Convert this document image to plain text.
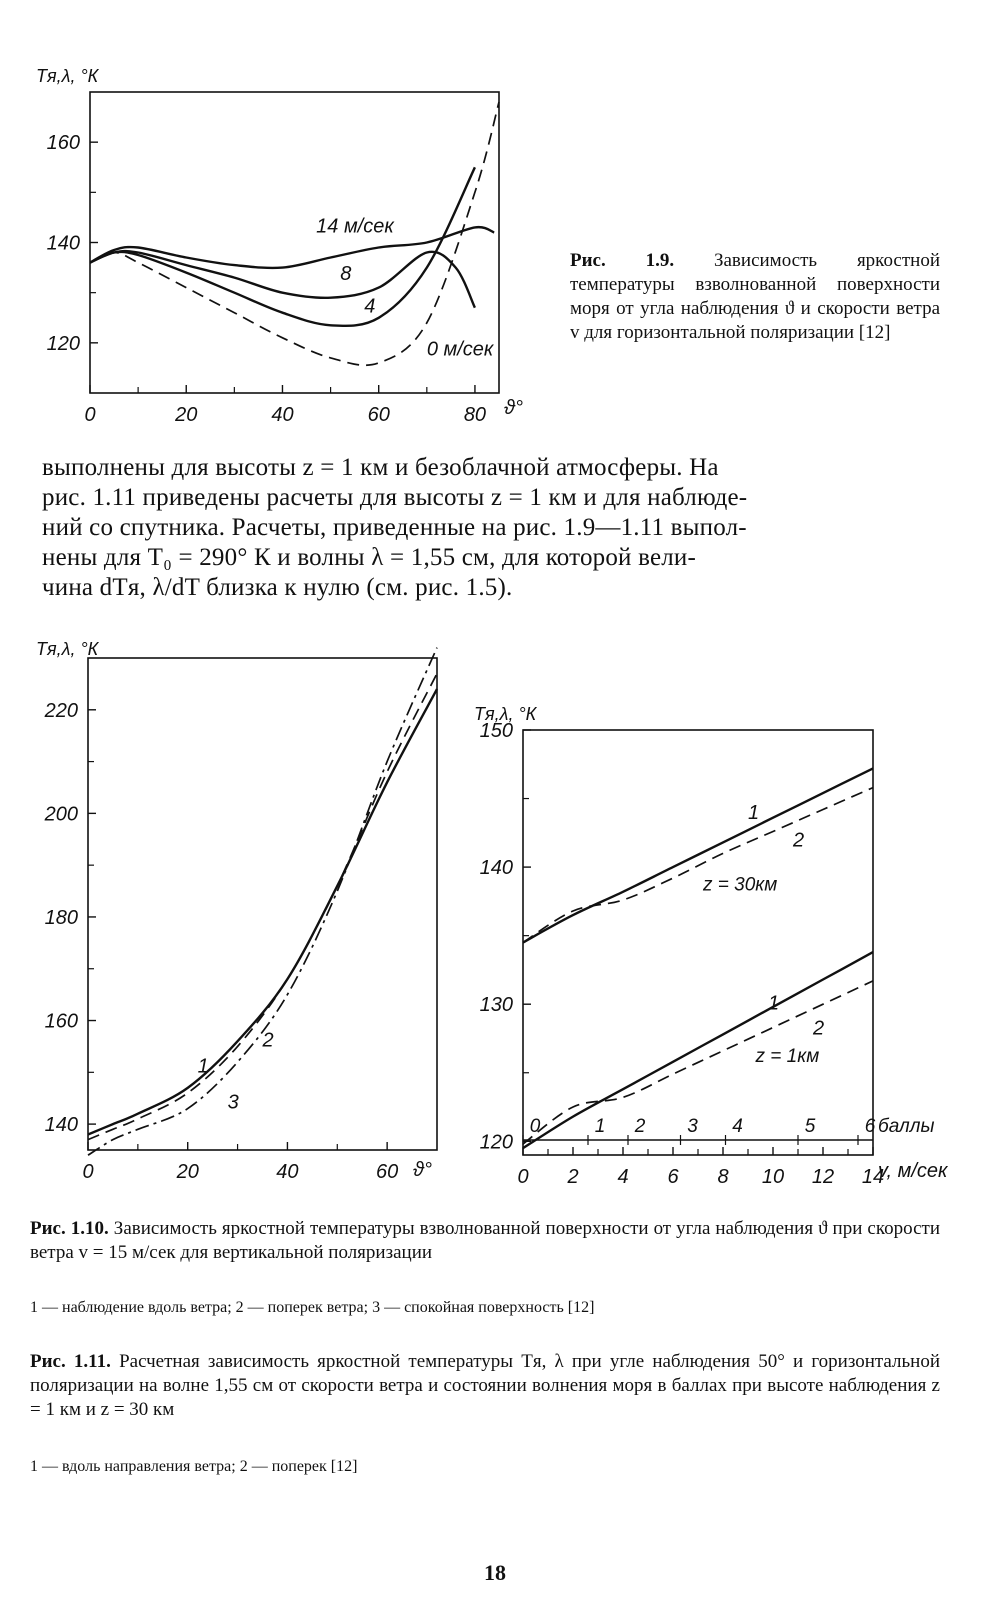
120
140
160
0	20	40	60	80
Tя,λ, °К
ϑ°
14 м/сек
8
4
0 м/сек
Рис. 1.9. Зависимость яркостной температуры взволнованной поверхности моря от угла наблюдения ϑ и скорости ветра v для горизонтальной поляризации [12]

выполнены для высоты z = 1 км и безоблачной атмосферы. На

рис. 1.11 приведены расчеты для высоты z = 1 км и для наблюде-

ний со спутника. Расчеты, приведенные на рис. 1.9—1.11 выпол-

нены для T₀ = 290° К и волны λ = 1,55 см, для которой вели-

чина dTя, λ/dT близка к нулю (см. рис. 1.5).

140
160
180
200
220
0	20	40	60
Tя,λ, °К
ϑ°
1
2
3
120
130
140
150
0 2 4 6 8 10 12 14
Tя,λ, °К
v, м/сек
1
2
1
2
z = 30км
z = 1км
0	1 2 3 4	5	6 баллы
Рис. 1.10. Зависимость яркостной температуры взволнованной поверхности от угла наблюдения ϑ при скорости ветра v = 15 м/сек для вертикальной поляризации
1 — наблюдение вдоль ветра; 2 — поперек ветра; 3 — спокойная поверхность [12]
Рис. 1.11. Расчетная зависимость яркостной температуры Tя, λ при угле наблюдения 50° и горизонтальной поляризации на волне 1,55 см от скорости ветра и состоянии волнения моря в баллах при высоте наблюдения z = 1 км и z = 30 км
1 — вдоль направления ветра; 2 — поперек [12]
18
